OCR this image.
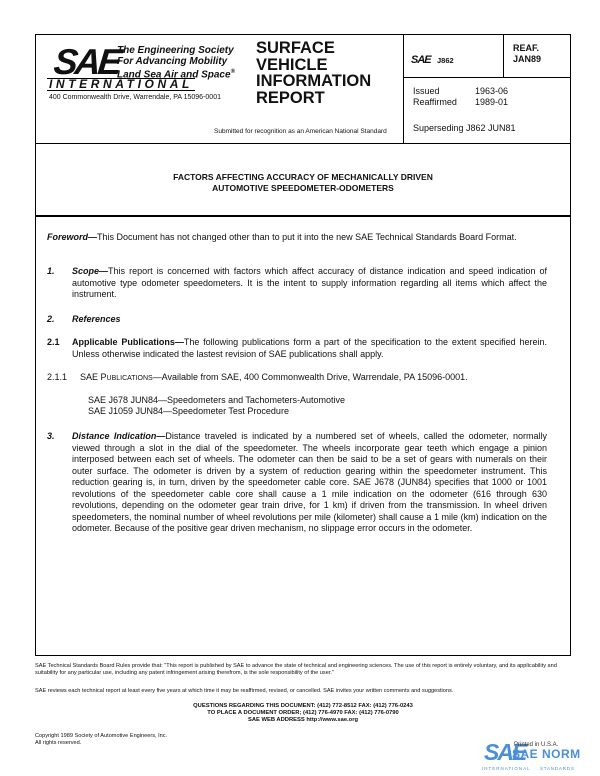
SAE
The Engineering Society
For Advancing Mobility
Land Sea Air and Space®
INTERNATIONAL
400 Commonwealth Drive, Warrendale, PA 15096-0001
SURFACE
VEHICLE
INFORMATION
REPORT
Submitted for recognition as an American National Standard
SAE J862
REAF.
JAN89
Issued	1963-06
Reaffirmed 1989-01
Superseding J862 JUN81
FACTORS AFFECTING ACCURACY OF MECHANICALLY DRIVEN
AUTOMOTIVE SPEEDOMETER-ODOMETERS
Foreword—This Document has not changed other than to put it into the new SAE Technical Standards Board Format.
1. Scope—This report is concerned with factors which affect accuracy of distance indication and speed indication of automotive type odometer speedometers. It is the intent to supply information regarding all items which affect the instrument.
2. References
2.1 Applicable Publications—The following publications form a part of the specification to the extent specified herein. Unless otherwise indicated the lastest revision of SAE publications shall apply.
2.1.1 SAE PUBLICATIONS—Available from SAE, 400 Commonwealth Drive, Warrendale, PA 15096-0001.
SAE J678 JUN84—Speedometers and Tachometers-Automotive
SAE J1059 JUN84—Speedometer Test Procedure
3. Distance Indication—Distance traveled is indicated by a numbered set of wheels, called the odometer, normally viewed through a slot in the dial of the speedometer. The wheels incorporate gear teeth which engage a pinion interposed between each set of wheels. The odometer can then be said to be a set of gears with numerals on their outer surface. The odometer is driven by a system of reduction gearing within the speedometer instrument. This reduction gearing is, in turn, driven by the speedometer cable core. SAE J678 (JUN84) specifies that 1000 or 1001 revolutions of the speedometer cable core shall cause a 1 mile indication on the odometer (616 through 630 revolutions, depending on the odometer gear train drive, for 1 km) if driven from the transmission. In wheel driven speedometers, the nominal number of wheel revolutions per mile (kilometer) shall cause a 1 mile (km) indication on the odometer. Because of the positive gear driven mechanism, no slippage error occurs in the odometer.
SAE Technical Standards Board Rules provide that: "This report is published by SAE to advance the state of technical and engineering sciences. The use of this report is entirely voluntary, and its applicability and suitability for any particular use, including any patent infringement arising therefrom, is the sole responsibility of the user."
SAE reviews each technical report at least every five years at which time it may be reaffirmed, revised, or cancelled. SAE invites your written comments and suggestions.
QUESTIONS REGARDING THIS DOCUMENT: (412) 772-8512 FAX: (412) 776-0243
TO PLACE A DOCUMENT ORDER; (412) 776-4970 FAX: (412) 776-0790
SAE WEB ADDRESS http://www.sae.org
Copyright 1989 Society of Automotive Engineers, Inc.
All rights reserved.	SAE
Printed in U.S.A.
SAE NORM
INTERNATIONAL STANDARDS
